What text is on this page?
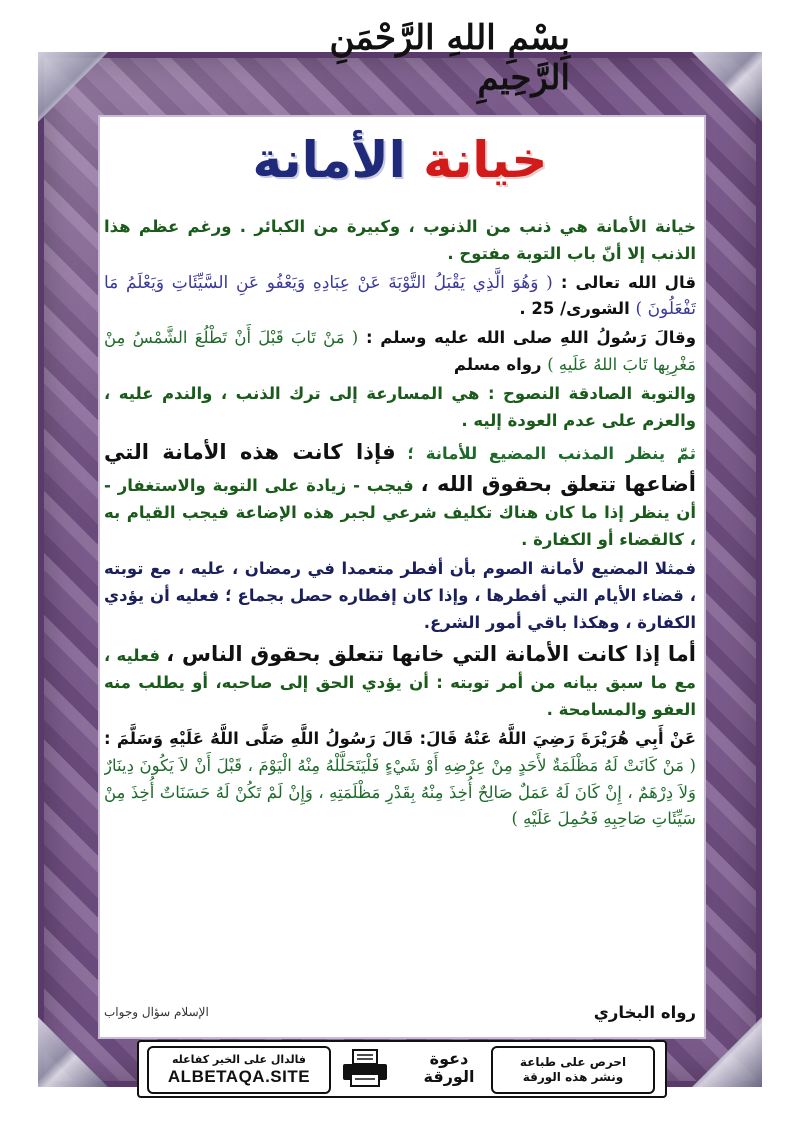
بِسْمِ اللهِ الرَّحْمَنِ الرَّحِيمِ
خيانة الأمانة

خيانة الأمانة هي ذنب من الذنوب ، وكبيرة من الكبائر . ورغم عظم هذا الذنب إلا أنّ باب التوبة مفتوح .

قال الله تعالى : ( وَهُوَ الَّذِي يَقْبَلُ التَّوْبَةَ عَنْ عِبَادِهِ وَيَعْفُو عَنِ السَّيِّئَاتِ وَيَعْلَمُ مَا تَفْعَلُونَ ) الشورى/ 25 .

وقالَ رَسُولُ اللهِ صلى الله عليه وسلم : ( مَنْ تَابَ قَبْلَ أَنْ تَطْلُعَ الشَّمْسُ مِنْ مَغْرِبِها تَابَ اللهُ عَلَيهِ ) رواه مسلم

والتوبة الصادقة النصوح : هي المسارعة إلى ترك الذنب ، والندم عليه ، والعزم على عدم العودة إليه .

ثمّ ينظر المذنب المضيع للأمانة ؛ فإذا كانت هذه الأمانة التي أضاعها تتعلق بحقوق الله ، فيجب - زيادة على التوبة والاستغفار - أن ينظر إذا ما كان هناك تكليف شرعي لجبر هذه الإضاعة فيجب القيام به ، كالقضاء أو الكفارة .

فمثلا المضيع لأمانة الصوم بأن أفطر متعمدا في رمضان ، عليه ، مع توبته ، قضاء الأيام التي أفطرها ، وإذا كان إفطاره حصل بجماع ؛ فعليه أن يؤدي الكفارة ، وهكذا باقي أمور الشرع.

أما إذا كانت الأمانة التي خانها تتعلق بحقوق الناس ، فعليه ، مع ما سبق بيانه من أمر توبته : أن يؤدي الحق إلى صاحبه، أو يطلب منه العفو والمسامحة .

عَنْ أَبِي هُرَيْرَةَ رَضِيَ اللَّهُ عَنْهُ قَالَ: قَالَ رَسُولُ اللَّهِ صَلَّى اللَّهُ عَلَيْهِ وَسَلَّمَ : ( مَنْ كَانَتْ لَهُ مَظْلَمَةٌ لأَحَدٍ مِنْ عِرْضِهِ أَوْ شَيْءٍ فَلْيَتَحَلَّلْهُ مِنْهُ الْيَوْمَ ، قَبْلَ أَنْ لاَ يَكُونَ دِينَارٌ وَلاَ دِرْهَمٌ ، إِنْ كَانَ لَهُ عَمَلٌ صَالِحٌ أُخِذَ مِنْهُ بِقَدْرِ مَظْلَمَتِهِ ، وَإِنْ لَمْ تَكُنْ لَهُ حَسَنَاتٌ أُخِذَ مِنْ سَيِّئَاتِ صَاحِبِهِ فَحُمِلَ عَلَيْهِ )

رواه البخاري
الإسلام سؤال وجواب
احرص على طباعة
ونشر هذه الورقة
دعوة
الورقة
فالدال على الخير كفاعله
ALBETAQA.SITE
